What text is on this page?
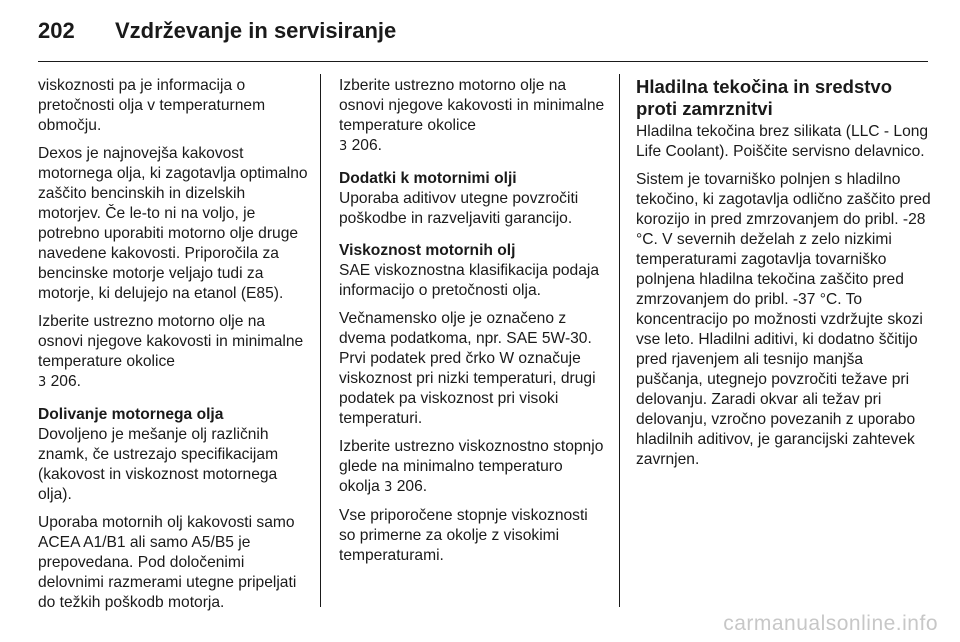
202 Vzdrževanje in servisiranje

viskoznosti pa je informacija o pretočnosti olja v temperaturnem območju.

Dexos je najnovejša kakovost motornega olja, ki zagotavlja optimalno zaščito bencinskih in dizelskih motorjev. Če le-to ni na voljo, je potrebno uporabiti motorno olje druge navedene kakovosti. Priporočila za bencinske motorje veljajo tudi za motorje, ki delujejo na etanol (E85).

Izberite ustrezno motorno olje na osnovi njegove kakovosti in minimalne temperature okolice
3 206.

Dolivanje motornega olja

Dovoljeno je mešanje olj različnih znamk, če ustrezajo specifikacijam (kakovost in viskoznost motornega olja).

Uporaba motornih olj kakovosti samo ACEA A1/B1 ali samo A5/B5 je prepovedana. Pod določenimi delovnimi razmerami utegne pripeljati do težkih poškodb motorja.

Izberite ustrezno motorno olje na osnovi njegove kakovosti in minimalne temperature okolice
3 206.

Dodatki k motornimi olji

Uporaba aditivov utegne povzročiti poškodbe in razveljaviti garancijo.

Viskoznost motornih olj

SAE viskoznostna klasifikacija podaja informacijo o pretočnosti olja.

Večnamensko olje je označeno z dvema podatkoma, npr. SAE 5W-30. Prvi podatek pred črko W označuje viskoznost pri nizki temperaturi, drugi podatek pa viskoznost pri visoki temperaturi.

Izberite ustrezno viskoznostno stopnjo glede na minimalno temperaturo okolja 3 206.

Vse priporočene stopnje viskoznosti so primerne za okolje z visokimi temperaturami.

Hladilna tekočina in sredstvo proti zamrznitvi

Hladilna tekočina brez silikata (LLC - Long Life Coolant). Poiščite servisno delavnico.

Sistem je tovarniško polnjen s hladilno tekočino, ki zagotavlja odlično zaščito pred korozijo in pred zmrzovanjem do pribl. -28 °C. V severnih deželah z zelo nizkimi temperaturami zagotavlja tovarniško polnjena hladilna tekočina zaščito pred zmrzovanjem do pribl. -37 °C. To koncentracijo po možnosti vzdržujte skozi vse leto. Hladilni aditivi, ki dodatno ščitijo pred rjavenjem ali tesnijo manjša puščanja, utegnejo povzročiti težave pri delovanju. Zaradi okvar ali težav pri delovanju, vzročno povezanih z uporabo hladilnih aditivov, je garancijski zahtevek zavrnjen.

carmanualsonline.info
